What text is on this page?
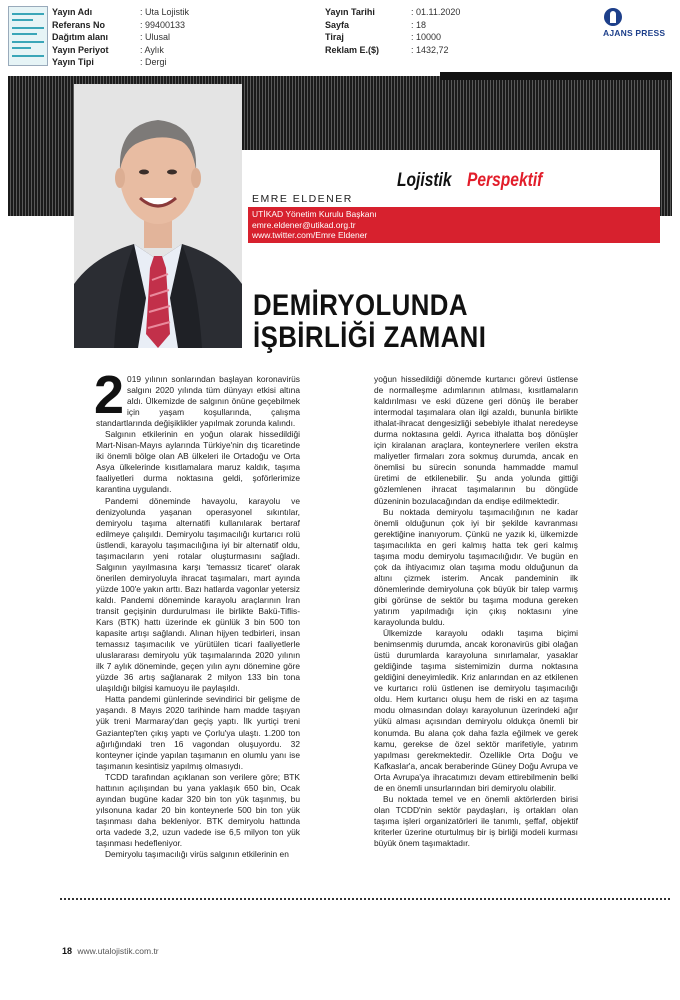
Yayın Adı	: Uta Lojistik
Referans No	: 99400133
Dağıtım alanı	: Ulusal
Yayın Periyot	: Aylık
Yayın Tipi	: Dergi
Yayın Tarihi	: 01.11.2020
Sayfa	: 18
Tiraj	: 10000
Reklam E.($)	: 1432,72
AJANS PRESS
EMRE ELDENER
Lojistik Perspektif
UTİKAD Yönetim Kurulu Başkanı
emre.eldener@utikad.org.tr
www.twitter.com/Emre Eldener
DEMİRYOLUNDA
İŞBİRLİĞİ ZAMANI

2 019 yılının sonlarından başlayan koronavirüs salgını 2020 yılında tüm dünyayı etkisi altına aldı. Ülkemizde de salgının önüne geçebilmek için yaşam koşullarında, çalışma standartlarında değişiklikler yapılmak zorunda kalındı.

Salgının etkilerinin en yoğun olarak hissedildiği Mart-Nisan-Mayıs aylarında Türkiye'nin dış ticaretinde iki önemli bölge olan AB ülkeleri ile Ortadoğu ve Orta Asya ülkelerinde kısıtlamalara maruz kaldık, taşıma faaliyetleri durma noktasına geldi, şoförlerimize karantina uygulandı.

Pandemi döneminde havayolu, karayolu ve denizyolunda yaşanan operasyonel sıkıntılar, demiryolu taşıma alternatifi kullanılarak bertaraf edilmeye çalışıldı. Demiryolu taşımacılığı kurtarıcı rolü üstlendi, karayolu taşımacılığına iyi bir alternatif oldu, taşımacıların yeni rotalar oluşturmasını sağladı. Salgının yayılmasına karşı 'temassız ticaret' olarak önerilen demiryoluyla ihracat taşımaları, mart ayında yüzde 100'e yakın arttı. Bazı hatlarda vagonlar yetersiz kaldı. Pandemi döneminde karayolu araçlarının İran transit geçişinin durdurulması ile birlikte Bakü-Tiflis-Kars (BTK) hattı üzerinde ek günlük 3 bin 500 ton kapasite artışı sağlandı. Alınan hijyen tedbirleri, insan temassız taşımacılık ve yürütülen ticari faaliyetlerle uluslararası demiryolu yük taşımalarında 2020 yılının ilk 7 aylık döneminde, geçen yılın aynı dönemine göre yüzde 36 artış sağlanarak 2 milyon 133 bin tona ulaşıldığı bilgisi kamuoyu ile paylaşıldı.

Hatta pandemi günlerinde sevindirici bir gelişme de yaşandı. 8 Mayıs 2020 tarihinde ham madde taşıyan yük treni Marmaray'dan geçiş yaptı. İlk yurtiçi treni Gaziantep'ten çıkış yaptı ve Çorlu'ya ulaştı. 1.200 ton ağırlığındaki tren 16 vagondan oluşuyordu. 32 konteyner içinde yapılan taşımanın en olumlu yanı ise taşımanın kesintisiz yapılmış olmasıydı.

TCDD tarafından açıklanan son verilere göre; BTK hattının açılışından bu yana yaklaşık 650 bin, Ocak ayından bugüne kadar 320 bin ton yük taşınmış, bu yılsonuna kadar 20 bin konteynerle 500 bin ton yük taşınması daha bekleniyor. BTK demiryolu hattında orta vadede 3,2, uzun vadede ise 6,5 milyon ton yük taşınması hedefleniyor.

Demiryolu taşımacılığı virüs salgının etkilerinin en

yoğun hissedildiği dönemde kurtarıcı görevi üstlense de normalleşme adımlarının atılması, kısıtlamaların kaldırılması ve eski düzene geri dönüş ile beraber intermodal taşımalara olan ilgi azaldı, bununla birlikte ithalat-ihracat dengesizliği sebebiyle ithalat neredeyse durma noktasına geldi. Ayrıca ithalatta boş dönüşler için kiralanan araçlara, konteynerlere verilen ekstra maliyetler firmaları zora sokmuş durumda, ancak en önemlisi bu sürecin sonunda hammadde mamul üretimi de etkilenebilir. Şu anda yolunda gittiği gözlemlenen ihracat taşımalarının bu döngüde düzeninin bozulacağından da endişe edilmektedir.

Bu noktada demiryolu taşımacılığının ne kadar önemli olduğunun çok iyi bir şekilde kavranması gerektiğine inanıyorum. Çünkü ne yazık ki, ülkemizde taşımacılıkta en geri kalmış hatta tek geri kalmış taşıma modu demiryolu taşımacılığıdır. Ve bugün en çok da ihtiyacımız olan taşıma modu olduğunun da altını çizmek isterim. Ancak pandeminin ilk dönemlerinde demiryoluna çok büyük bir talep varmış gibi görünse de sektör bu taşıma moduna gereken yatırım yapılmadığı için çıkış noktasını yine karayolunda buldu.

Ülkemizde karayolu odaklı taşıma biçimi benimsenmiş durumda, ancak koronavirüs gibi olağan üstü durumlarda karayoluna sınırlamalar, yasaklar geldiğinde taşıma sistemimizin durma noktasına geldiğini deneyimledik. Kriz anlarından en az etkilenen ve kurtarıcı rolü üstlenen ise demiryolu taşımacılığı oldu. Hem kurtarıcı oluşu hem de riski en az taşıma modu olmasından dolayı karayolunun üzerindeki ağır yükü alması açısından demiryolu oldukça önemli bir konumda. Bu alana çok daha fazla eğilmek ve gerek kamu, gerekse de özel sektör marifetiyle, yatırım yapılması gerekmektedir. Özellikle Orta Doğu ve Kafkaslar'a, ancak beraberinde Güney Doğu Avrupa ve Orta Avrupa'ya ihracatımızı devam ettirebilmenin belki de en önemli unsurlarından biri demiryolu olabilir.

Bu noktada temel ve en önemli aktörlerden birisi olan TCDD'nin sektör paydaşları, iş ortakları olan taşıma işleri organizatörleri ile tanımlı, şeffaf, objektif kriterler üzerine oturtulmuş bir iş birliği modeli kurması büyük önem taşımaktadır.

18 www.utalojistik.com.tr
